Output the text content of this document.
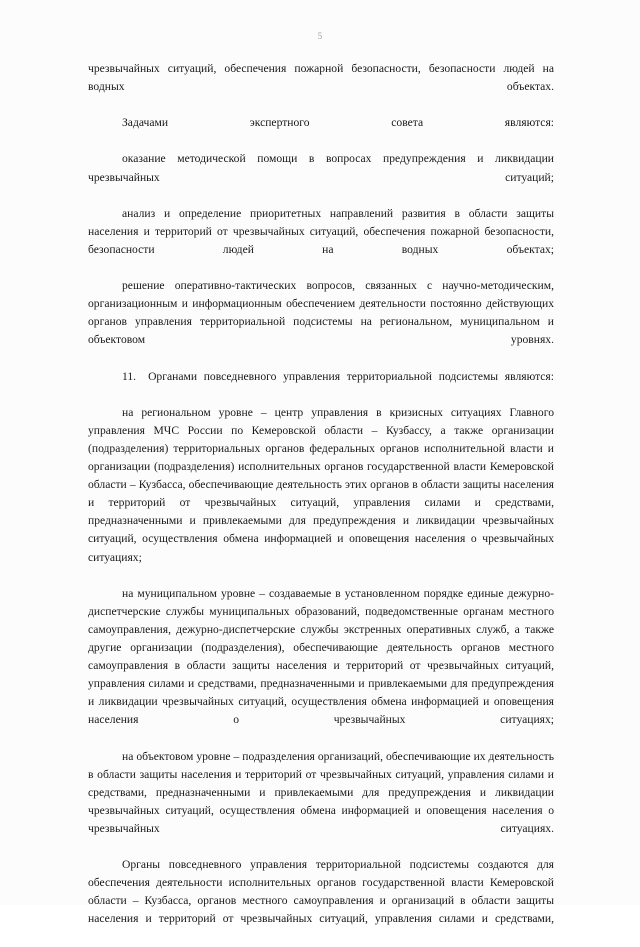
5

чрезвычайных ситуаций, обеспечения пожарной безопасности, безопасности людей на водных объектах.

Задачами экспертного совета являются:

оказание методической помощи в вопросах предупреждения и ликвидации чрезвычайных ситуаций;

анализ и определение приоритетных направлений развития в области защиты населения и территорий от чрезвычайных ситуаций, обеспечения пожарной безопасности, безопасности людей на водных объектах;

решение оперативно-тактических вопросов, связанных с научно-методическим, организационным и информационным обеспечением деятельности постоянно действующих органов управления территориальной подсистемы на региональном, муниципальном и объектовом уровнях.

11. Органами повседневного управления территориальной подсистемы являются:

на региональном уровне – центр управления в кризисных ситуациях Главного управления МЧС России по Кемеровской области – Кузбассу, а также организации (подразделения) территориальных органов федеральных органов исполнительной власти и организации (подразделения) исполнительных органов государственной власти Кемеровской области – Кузбасса, обеспечивающие деятельность этих органов в области защиты населения и территорий от чрезвычайных ситуаций, управления силами и средствами, предназначенными и привлекаемыми для предупреждения и ликвидации чрезвычайных ситуаций, осуществления обмена информацией и оповещения населения о чрезвычайных ситуациях;

на муниципальном уровне – создаваемые в установленном порядке единые дежурно-диспетчерские службы муниципальных образований, подведомственные органам местного самоуправления, дежурно-диспетчерские службы экстренных оперативных служб, а также другие организации (подразделения), обеспечивающие деятельность органов местного самоуправления в области защиты населения и территорий от чрезвычайных ситуаций, управления силами и средствами, предназначенными и привлекаемыми для предупреждения и ликвидации чрезвычайных ситуаций, осуществления обмена информацией и оповещения населения о чрезвычайных ситуациях;

на объектовом уровне – подразделения организаций, обеспечивающие их деятельность в области защиты населения и территорий от чрезвычайных ситуаций, управления силами и средствами, предназначенными и привлекаемыми для предупреждения и ликвидации чрезвычайных ситуаций, осуществления обмена информацией и оповещения населения о чрезвычайных ситуациях.

Органы повседневного управления территориальной подсистемы создаются для обеспечения деятельности исполнительных органов государственной власти Кемеровской области – Кузбасса, органов местного самоуправления и организаций в области защиты населения и территорий от чрезвычайных ситуаций, управления силами и средствами,
